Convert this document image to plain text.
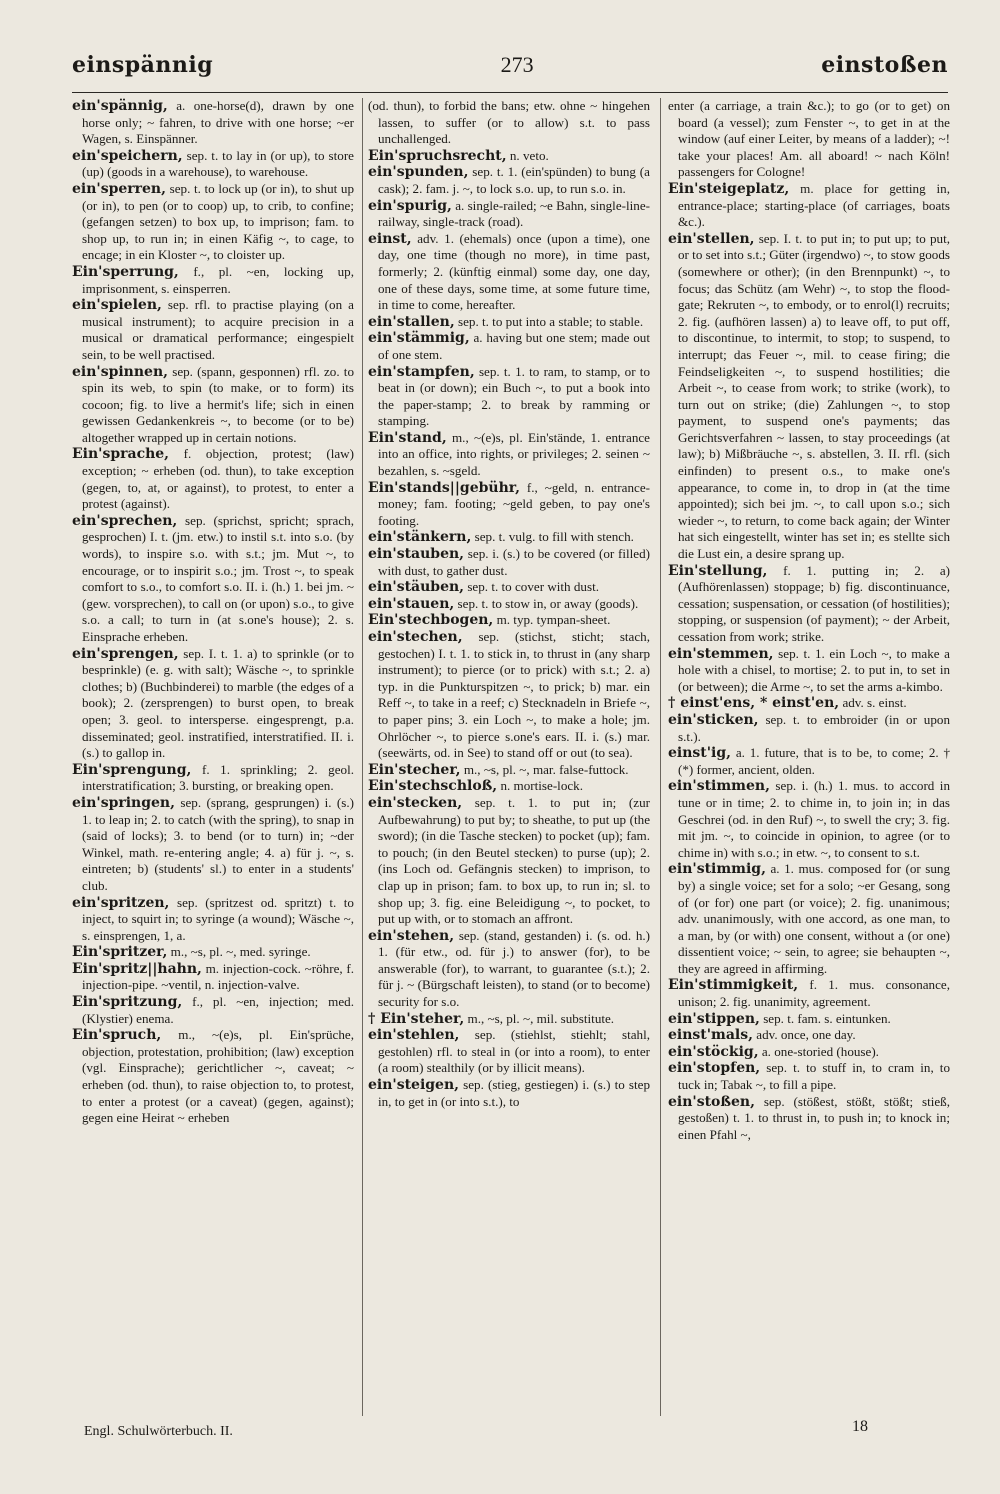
einspännig	273	einstoßen

ein'spännig, a. one-horse(d), drawn by one horse only; ~ fahren, to drive with one horse; ~er Wagen, s. Einspänner.

ein'speichern, sep. t. to lay in (or up), to store (up) (goods in a warehouse), to warehouse.

ein'sperren, sep. t. to lock up (or in), to shut up (or in), to pen (or to coop) up, to crib, to confine; (gefangen setzen) to box up, to imprison; fam. to shop up, to run in; in einen Käfig ~, to cage, to encage; in ein Kloster ~, to cloister up.

Ein'sperrung, f., pl. ~en, locking up, imprisonment, s. einsperren.

ein'spielen, sep. rfl. to practise playing (on a musical instrument); to acquire precision in a musical or dramatical performance; eingespielt sein, to be well practised.

ein'spinnen, sep. (spann, gesponnen) rfl. zo. to spin its web, to spin (to make, or to form) its cocoon; fig. to live a hermit's life; sich in einen gewissen Gedankenkreis ~, to become (or to be) altogether wrapped up in certain notions.

Ein'sprache, f. objection, protest; (law) exception; ~ erheben (od. thun), to take exception (gegen, to, at, or against), to protest, to enter a protest (against).

ein'sprechen, sep. (sprichst, spricht; sprach, gesprochen) I. t. (jm. etw.) to instil s.t. into s.o. (by words), to inspire s.o. with s.t.; jm. Mut ~, to encourage, or to inspirit s.o.; jm. Trost ~, to speak comfort to s.o., to comfort s.o. II. i. (h.) 1. bei jm. ~ (gew. vorsprechen), to call on (or upon) s.o., to give s.o. a call; to turn in (at s.one's house); 2. s. Einsprache erheben.

ein'sprengen, sep. I. t. 1. a) to sprinkle (or to besprinkle) (e. g. with salt); Wäsche ~, to sprinkle clothes; b) (Buchbinderei) to marble (the edges of a book); 2. (zersprengen) to burst open, to break open; 3. geol. to intersperse. eingesprengt, p.a. disseminated; geol. instratified, interstratified. II. i. (s.) to gallop in.

Ein'sprengung, f. 1. sprinkling; 2. geol. interstratification; 3. bursting, or breaking open.

ein'springen, sep. (sprang, gesprungen) i. (s.) 1. to leap in; 2. to catch (with the spring), to snap in (said of locks); 3. to bend (or to turn) in; ~der Winkel, math. re-entering angle; 4. a) für j. ~, s. eintreten; b) (students' sl.) to enter in a students' club.

ein'spritzen, sep. (spritzest od. spritzt) t. to inject, to squirt in; to syringe (a wound); Wäsche ~, s. einsprengen, 1, a.

Ein'spritzer, m., ~s, pl. ~, med. syringe.

Ein'spritz||hahn, m. injection-cock. ~röhre, f. injection-pipe. ~ventil, n. injection-valve.

Ein'spritzung, f., pl. ~en, injection; med. (Klystier) enema.

Ein'spruch, m., ~(e)s, pl. Ein'sprüche, objection, protestation, prohibition; (law) exception (vgl. Einsprache); gerichtlicher ~, caveat; ~ erheben (od. thun), to raise objection to, to protest, to enter a protest (or a caveat) (gegen, against); gegen eine Heirat ~ erheben

(od. thun), to forbid the bans; etw. ohne ~ hingehen lassen, to suffer (or to allow) s.t. to pass unchallenged.

Ein'spruchsrecht, n. veto.

ein'spunden, sep. t. 1. (ein'spünden) to bung (a cask); 2. fam. j. ~, to lock s.o. up, to run s.o. in.

ein'spurig, a. single-railed; ~e Bahn, single-line-railway, single-track (road).

einst, adv. 1. (ehemals) once (upon a time), one day, one time (though no more), in time past, formerly; 2. (künftig einmal) some day, one day, one of these days, some time, at some future time, in time to come, hereafter.

ein'stallen, sep. t. to put into a stable; to stable.

ein'stämmig, a. having but one stem; made out of one stem.

ein'stampfen, sep. t. 1. to ram, to stamp, or to beat in (or down); ein Buch ~, to put a book into the paper-stamp; 2. to break by ramming or stamping.

Ein'stand, m., ~(e)s, pl. Ein'stände, 1. entrance into an office, into rights, or privileges; 2. seinen ~ bezahlen, s. ~sgeld.

Ein'stands||gebühr, f., ~geld, n. entrance-money; fam. footing; ~geld geben, to pay one's footing.

ein'stänkern, sep. t. vulg. to fill with stench.

ein'stauben, sep. i. (s.) to be covered (or filled) with dust, to gather dust.

ein'stäuben, sep. t. to cover with dust.

ein'stauen, sep. t. to stow in, or away (goods).

Ein'stechbogen, m. typ. tympan-sheet.

ein'stechen, sep. (stichst, sticht; stach, gestochen) I. t. 1. to stick in, to thrust in (any sharp instrument); to pierce (or to prick) with s.t.; 2. a) typ. in die Punkturspitzen ~, to prick; b) mar. ein Reff ~, to take in a reef; c) Stecknadeln in Briefe ~, to paper pins; 3. ein Loch ~, to make a hole; jm. Ohrlöcher ~, to pierce s.one's ears. II. i. (s.) mar. (seewärts, od. in See) to stand off or out (to sea).

Ein'stecher, m., ~s, pl. ~, mar. false-futtock.

Ein'stechschloß, n. mortise-lock.

ein'stecken, sep. t. 1. to put in; (zur Aufbewahrung) to put by; to sheathe, to put up (the sword); (in die Tasche stecken) to pocket (up); fam. to pouch; (in den Beutel stecken) to purse (up); 2. (ins Loch od. Gefängnis stecken) to imprison, to clap up in prison; fam. to box up, to run in; sl. to shop up; 3. fig. eine Beleidigung ~, to pocket, to put up with, or to stomach an affront.

ein'stehen, sep. (stand, gestanden) i. (s. od. h.) 1. (für etw., od. für j.) to answer (for), to be answerable (for), to warrant, to guarantee (s.t.); 2. für j. ~ (Bürgschaft leisten), to stand (or to become) security for s.o.

† Ein'steher, m., ~s, pl. ~, mil. substitute.

ein'stehlen, sep. (stiehlst, stiehlt; stahl, gestohlen) rfl. to steal in (or into a room), to enter (a room) stealthily (or by illicit means).

ein'steigen, sep. (stieg, gestiegen) i. (s.) to step in, to get in (or into s.t.), to

enter (a carriage, a train &c.); to go (or to get) on board (a vessel); zum Fenster ~, to get in at the window (auf einer Leiter, by means of a ladder); ~! take your places! Am. all aboard! ~ nach Köln! passengers for Cologne!

Ein'steigeplatz, m. place for getting in, entrance-place; starting-place (of carriages, boats &c.).

ein'stellen, sep. I. t. to put in; to put up; to put, or to set into s.t.; Güter (irgendwo) ~, to stow goods (somewhere or other); (in den Brennpunkt) ~, to focus; das Schütz (am Wehr) ~, to stop the flood-gate; Rekruten ~, to embody, or to enrol(l) recruits; 2. fig. (aufhören lassen) a) to leave off, to put off, to discontinue, to intermit, to stop; to suspend, to interrupt; das Feuer ~, mil. to cease firing; die Feindseligkeiten ~, to suspend hostilities; die Arbeit ~, to cease from work; to strike (work), to turn out on strike; (die) Zahlungen ~, to stop payment, to suspend one's payments; das Gerichtsverfahren ~ lassen, to stay proceedings (at law); b) Mißbräuche ~, s. abstellen, 3. II. rfl. (sich einfinden) to present o.s., to make one's appearance, to come in, to drop in (at the time appointed); sich bei jm. ~, to call upon s.o.; sich wieder ~, to return, to come back again; der Winter hat sich eingestellt, winter has set in; es stellte sich die Lust ein, a desire sprang up.

Ein'stellung, f. 1. putting in; 2. a) (Aufhörenlassen) stoppage; b) fig. discontinuance, cessation; suspensation, or cessation (of hostilities); stopping, or suspension (of payment); ~ der Arbeit, cessation from work; strike.

ein'stemmen, sep. t. 1. ein Loch ~, to make a hole with a chisel, to mortise; 2. to put in, to set in (or between); die Arme ~, to set the arms a-kimbo.

† einst'ens, * einst'en, adv. s. einst.

ein'sticken, sep. t. to embroider (in or upon s.t.).

einst'ig, a. 1. future, that is to be, to come; 2. † (*) former, ancient, olden.

ein'stimmen, sep. i. (h.) 1. mus. to accord in tune or in time; 2. to chime in, to join in; in das Geschrei (od. in den Ruf) ~, to swell the cry; 3. fig. mit jm. ~, to coincide in opinion, to agree (or to chime in) with s.o.; in etw. ~, to consent to s.t.

ein'stimmig, a. 1. mus. composed for (or sung by) a single voice; set for a solo; ~er Gesang, song of (or for) one part (or voice); 2. fig. unanimous; adv. unanimously, with one accord, as one man, to a man, by (or with) one consent, without a (or one) dissentient voice; ~ sein, to agree; sie behaupten ~, they are agreed in affirming.

Ein'stimmigkeit, f. 1. mus. consonance, unison; 2. fig. unanimity, agreement.

ein'stippen, sep. t. fam. s. eintunken.

einst'mals, adv. once, one day.

ein'stöckig, a. one-storied (house).

ein'stopfen, sep. t. to stuff in, to cram in, to tuck in; Tabak ~, to fill a pipe.

ein'stoßen, sep. (stößest, stößt, stößt; stieß, gestoßen) t. 1. to thrust in, to push in; to knock in; einen Pfahl ~,

Engl. Schulwörterbuch. II.	18
